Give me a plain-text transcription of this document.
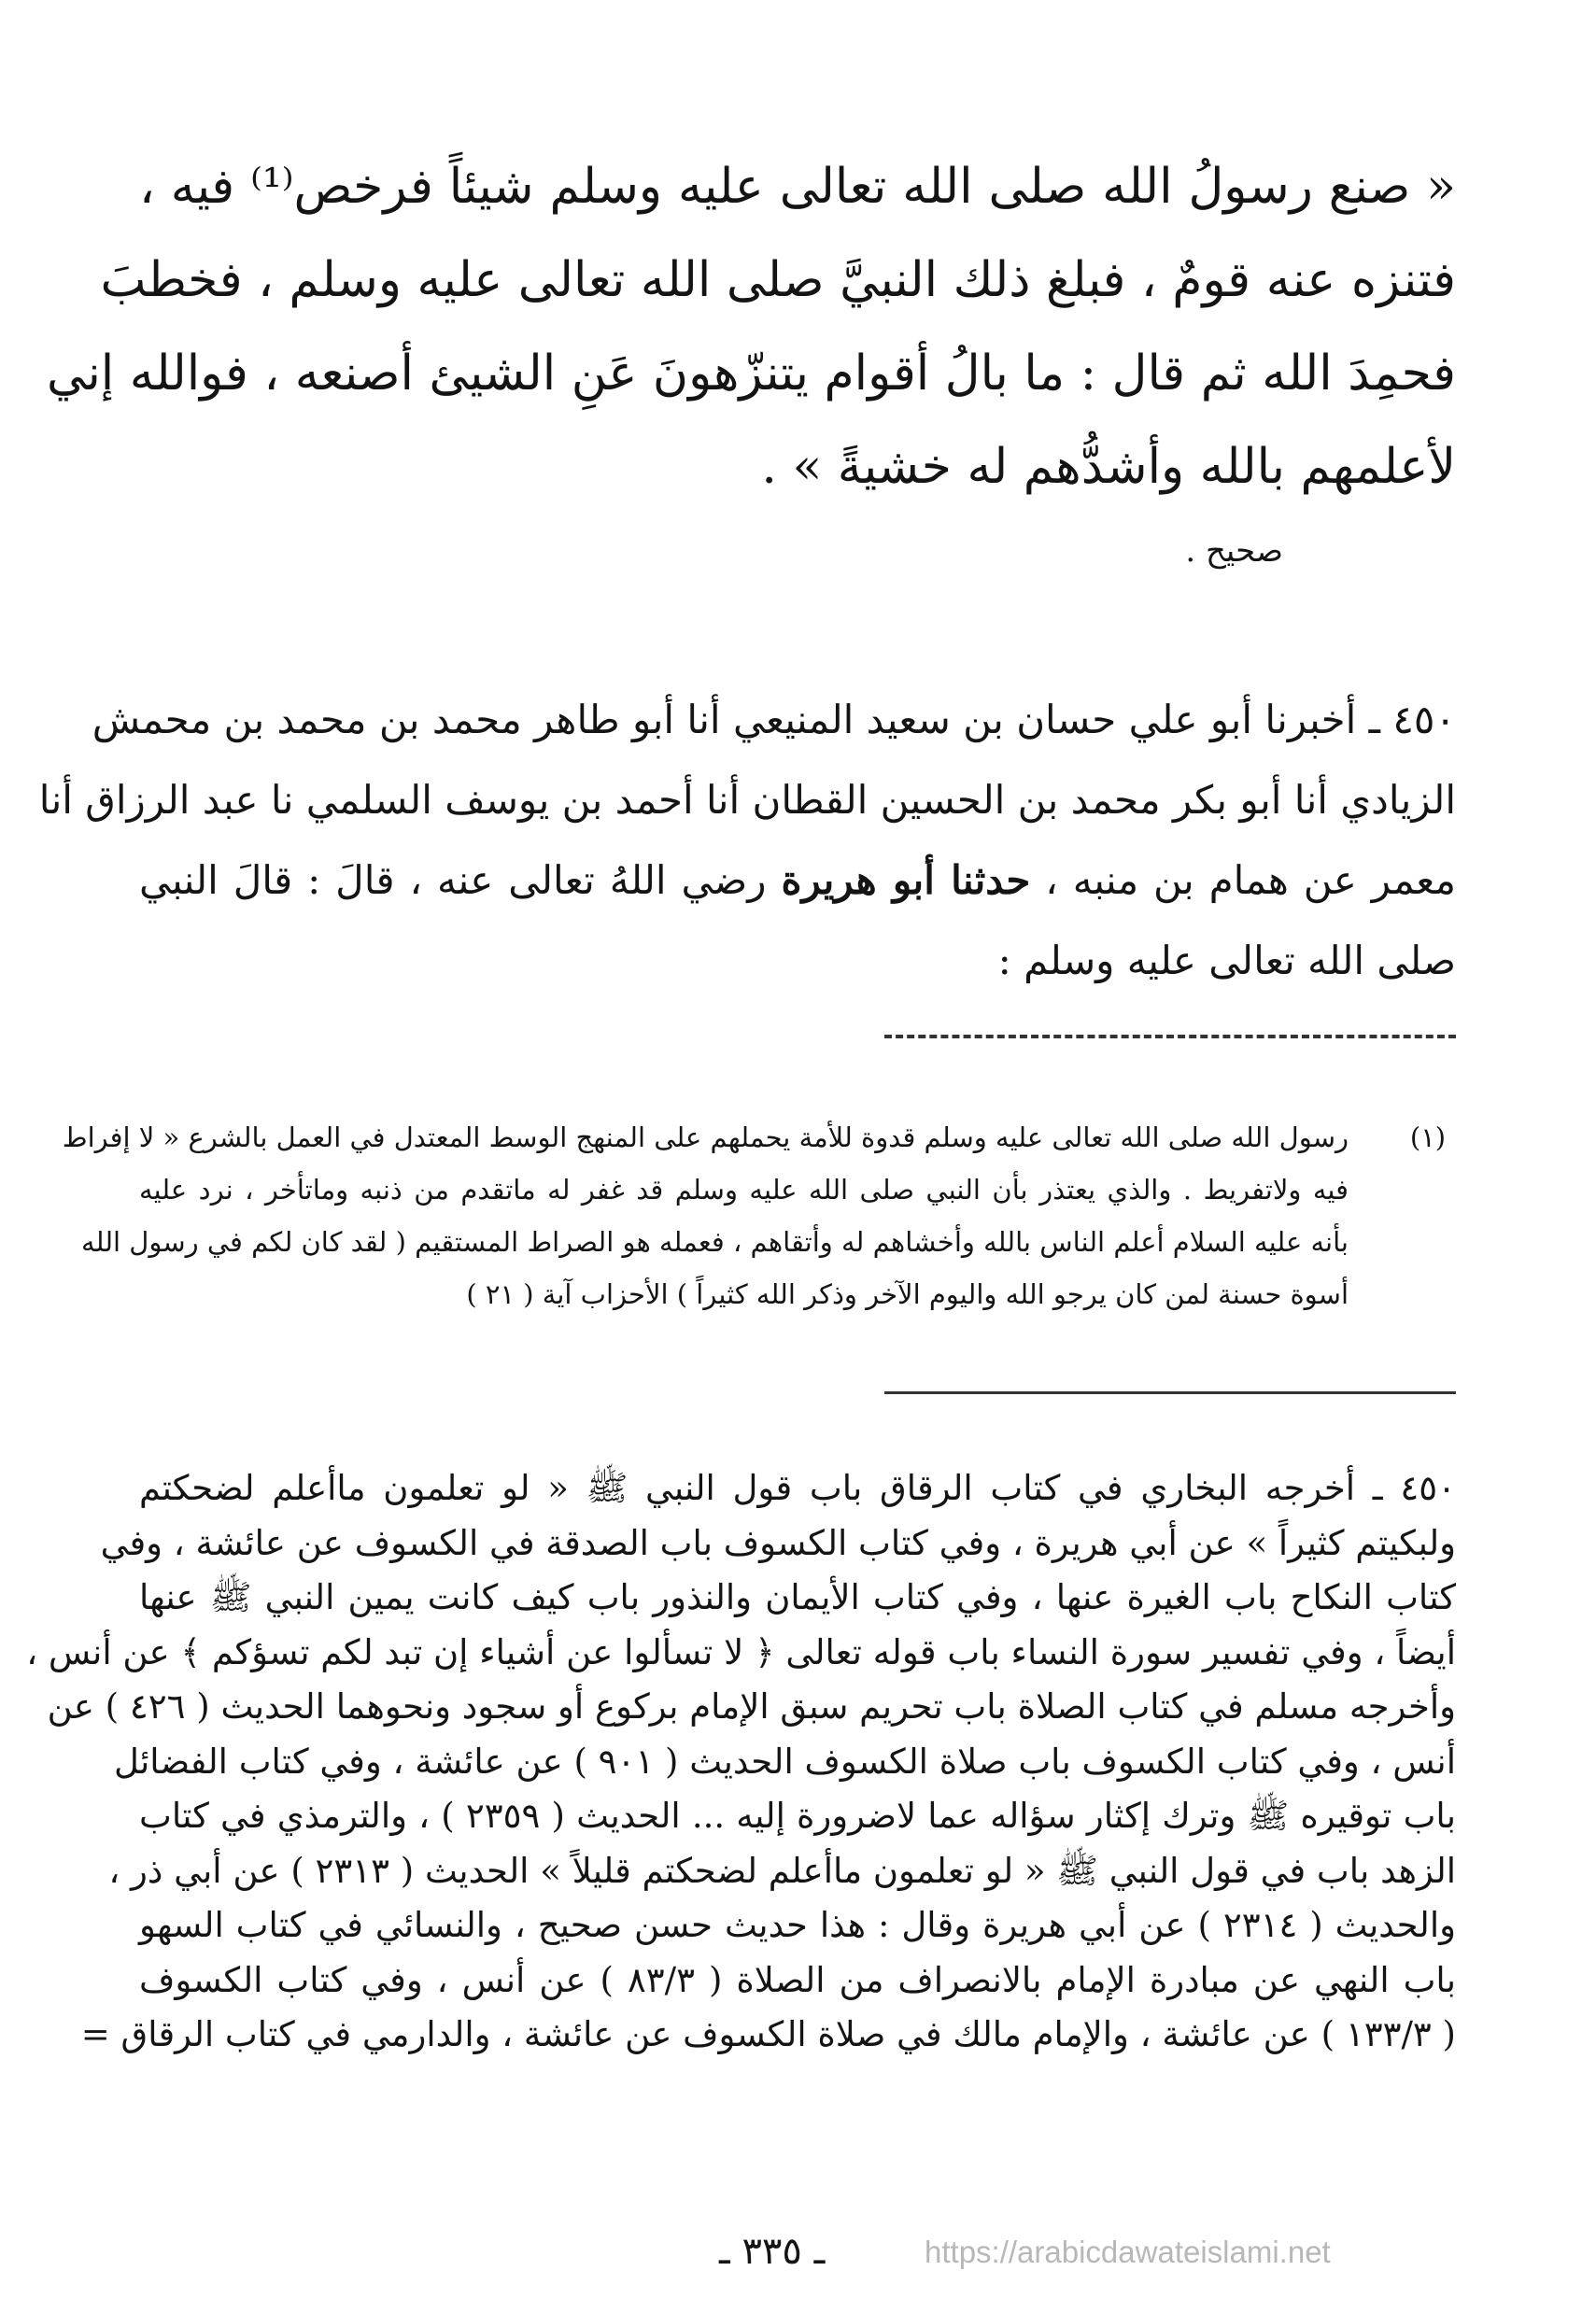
« صنع رسولُ الله صلى الله تعالى عليه وسلم شيئاً فرخص⁽¹⁾ فيه ،

فتنزه عنه قومٌ ، فبلغ ذلك النبيَّ صلى الله تعالى عليه وسلم ، فخطبَ

فحمِدَ الله ثم قال : ما بالُ أقوام يتنزّهونَ عَنِ الشيئ أصنعه ، فوالله إني

لأعلمهم بالله وأشدُّهم له خشيةً » .

صحيح .

٤٥٠ ـ أخبرنا أبو علي حسان بن سعيد المنيعي أنا أبو طاهر محمد بن محمد بن محمش

الزيادي أنا أبو بكر محمد بن الحسين القطان أنا أحمد بن يوسف السلمي نا عبد الرزاق أنا

معمر عن همام بن منبه ، حدثنا أبو هريرة رضي اللهُ تعالى عنه ، قالَ : قالَ النبي

صلى الله تعالى عليه وسلم :

(١)

رسول الله صلى الله تعالى عليه وسلم قدوة للأمة يحملهم على المنهج الوسط المعتدل في العمل بالشرع « لا إفراط

فيه ولاتفريط . والذي يعتذر بأن النبي صلى الله عليه وسلم قد غفر له ماتقدم من ذنبه وماتأخر ، نرد عليه

بأنه عليه السلام أعلم الناس بالله وأخشاهم له وأتقاهم ، فعمله هو الصراط المستقيم ( لقد كان لكم في رسول الله

أسوة حسنة لمن كان يرجو الله واليوم الآخر وذكر الله كثيراً ) الأحزاب آية ( ٢١ )

٤٥٠ ـ أخرجه البخاري في كتاب الرقاق باب قول النبي ﷺ « لو تعلمون ماأعلم لضحكتم

ولبكيتم كثيراً » عن أبي هريرة ، وفي كتاب الكسوف باب الصدقة في الكسوف عن عائشة ، وفي

كتاب النكاح باب الغيرة عنها ، وفي كتاب الأيمان والنذور باب كيف كانت يمين النبي ﷺ عنها

أيضاً ، وفي تفسير سورة النساء باب قوله تعالى ﴿ لا تسألوا عن أشياء إن تبد لكم تسؤكم ﴾ عن أنس ،

وأخرجه مسلم في كتاب الصلاة باب تحريم سبق الإمام بركوع أو سجود ونحوهما الحديث ( ٤٢٦ ) عن

أنس ، وفي كتاب الكسوف باب صلاة الكسوف الحديث ( ٩٠١ ) عن عائشة ، وفي كتاب الفضائل

باب توقيره ﷺ وترك إكثار سؤاله عما لاضرورة إليه ... الحديث ( ٢٣٥٩ ) ، والترمذي في كتاب

الزهد باب في قول النبي ﷺ « لو تعلمون ماأعلم لضحكتم قليلاً » الحديث ( ٢٣١٣ ) عن أبي ذر ،

والحديث ( ٢٣١٤ ) عن أبي هريرة وقال : هذا حديث حسن صحيح ، والنسائي في كتاب السهو

باب النهي عن مبادرة الإمام بالانصراف من الصلاة ( ٨٣/٣ ) عن أنس ، وفي كتاب الكسوف

( ١٣٣/٣ ) عن عائشة ، والإمام مالك في صلاة الكسوف عن عائشة ، والدارمي في كتاب الرقاق =

ـ ٣٣٥ ـ	https://arabicdawateislami.net
